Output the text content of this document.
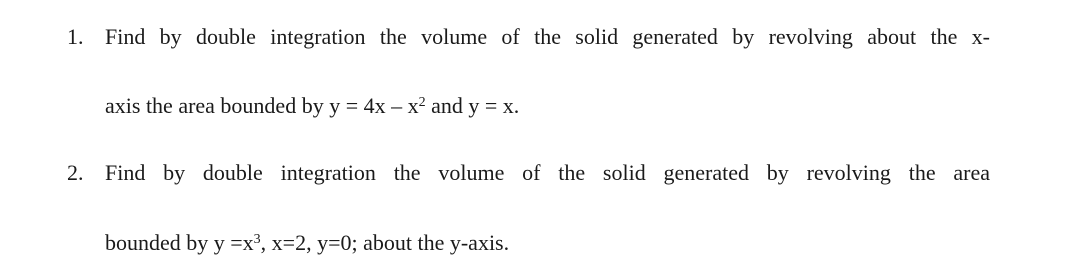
1. Find by double integration the volume of the solid generated by revolving about the x-
axis the area bounded by $y = 4x - x^2$ and y = x.
2. Find by double integration the volume of the solid generated by revolving the area
bounded by $y =x^3$, x=2, y=0; about the y-axis.
